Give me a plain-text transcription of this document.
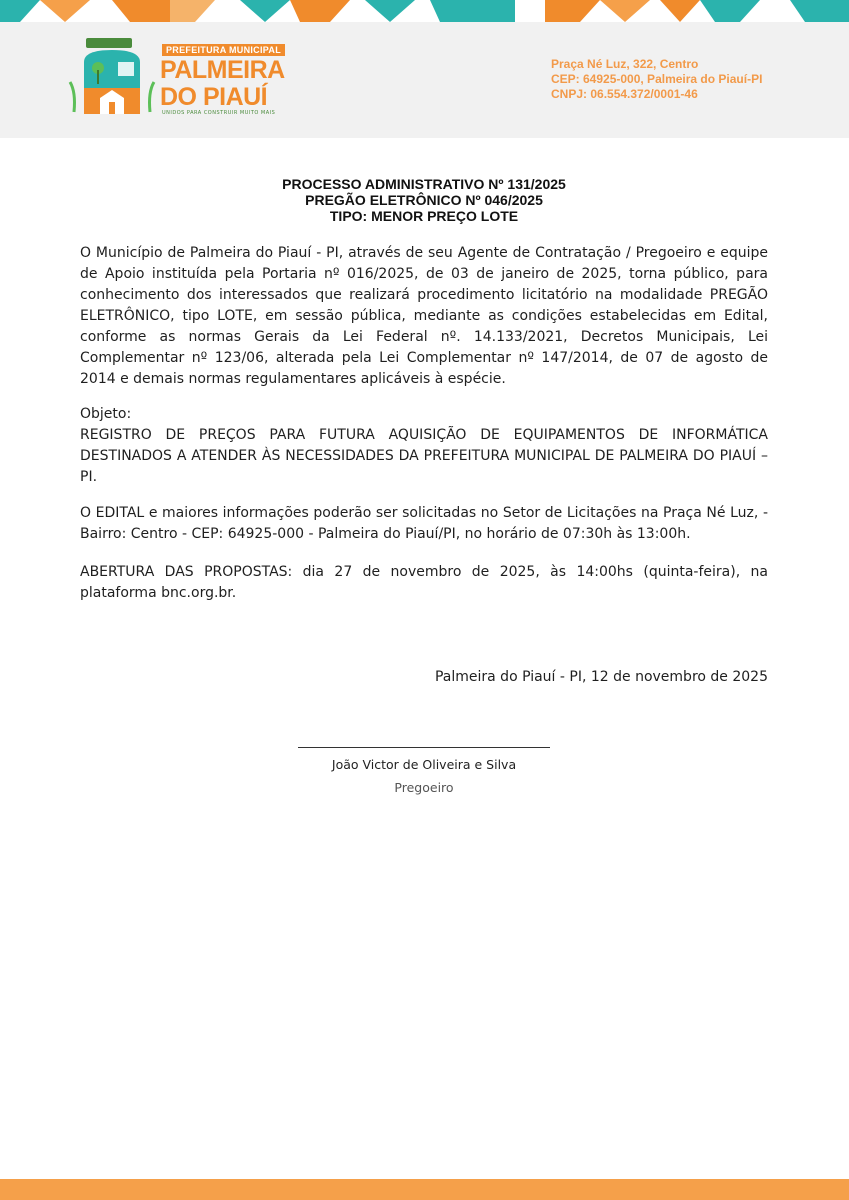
PREFEITURA MUNICIPAL
PALMEIRA
DO PIAUÍ
UNIDOS PARA CONSTRUIR MUITO MAIS
Praça Né Luz, 322, Centro
CEP: 64925-000, Palmeira do Piauí-PI
CNPJ: 06.554.372/0001-46
PROCESSO ADMINISTRATIVO Nº 131/2025
PREGÃO ELETRÔNICO Nº 046/2025
TIPO: MENOR PREÇO LOTE
O Município de Palmeira do Piauí - PI, através de seu Agente de Contratação / Pregoeiro e equipe de Apoio instituída pela Portaria nº 016/2025, de 03 de janeiro de 2025, torna público, para conhecimento dos interessados que realizará procedimento licitatório na modalidade PREGÃO ELETRÔNICO, tipo LOTE, em sessão pública, mediante as condições estabelecidas em Edital, conforme as normas Gerais da Lei Federal nº. 14.133/2021, Decretos Municipais, Lei Complementar nº 123/06, alterada pela Lei Complementar nº 147/2014, de 07 de agosto de 2014 e demais normas regulamentares aplicáveis à espécie.
Objeto:
REGISTRO DE PREÇOS PARA FUTURA AQUISIÇÃO DE EQUIPAMENTOS DE INFORMÁTICA DESTINADOS A ATENDER ÀS NECESSIDADES DA PREFEITURA MUNICIPAL DE PALMEIRA DO PIAUÍ – PI.
O EDITAL e maiores informações poderão ser solicitadas no Setor de Licitações na Praça Né Luz, - Bairro: Centro - CEP: 64925-000 - Palmeira do Piauí/PI, no horário de 07:30h às 13:00h.
ABERTURA DAS PROPOSTAS: dia 27 de novembro de 2025, às 14:00hs (quinta-feira), na plataforma bnc.org.br.
Palmeira do Piauí - PI, 12 de novembro de 2025
João Victor de Oliveira e Silva
Pregoeiro
